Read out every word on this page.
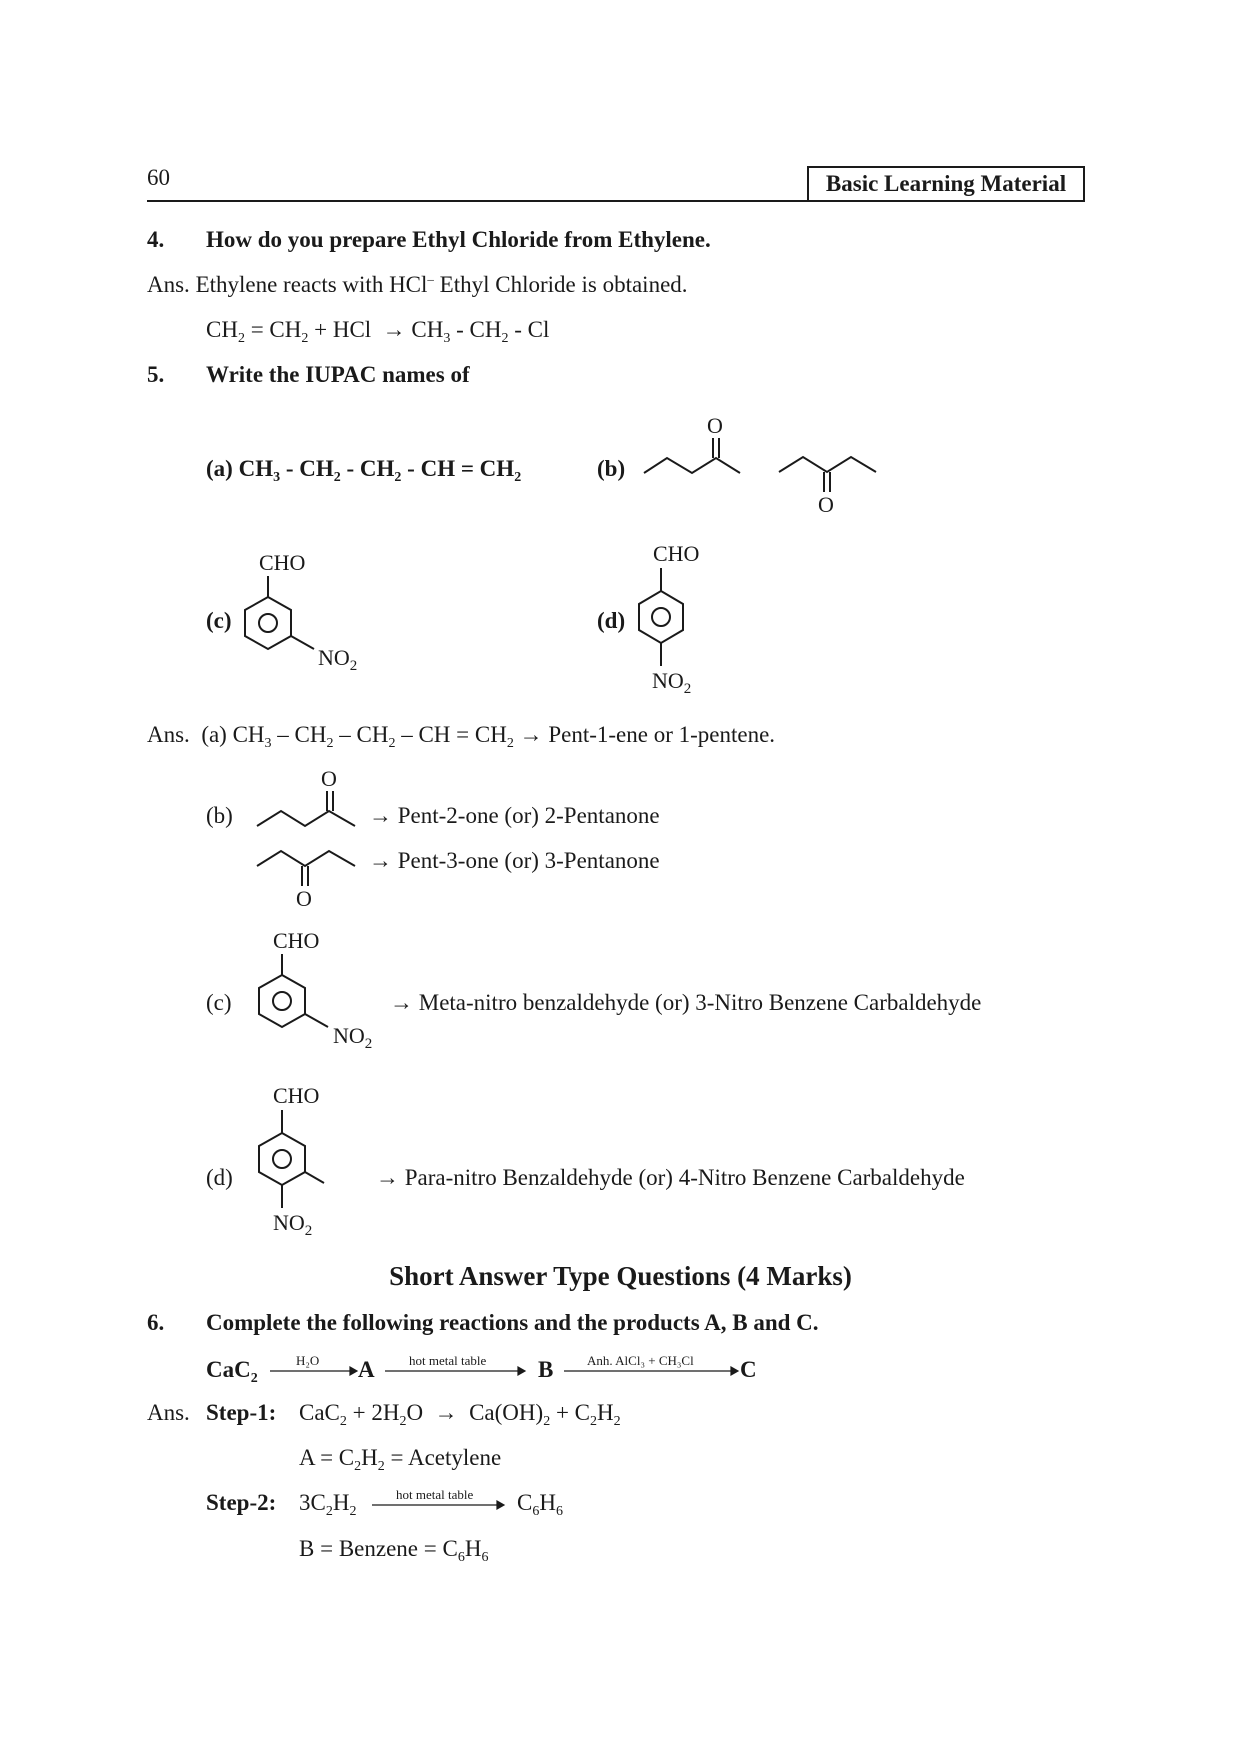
60	Basic Learning Material
4. How do you prepare Ethyl Chloride from Ethylene.
Ans. Ethylene reacts with HCl– Ethyl Chloride is obtained.
$CH_2 = CH_2$ + HCl  → $CH_3 - CH_2$ - Cl
5. Write the IUPAC names of
(a) $CH_3 - CH_2 - CH_2$ - CH = $CH_2$	(b)
(c)	(d)
O
O
CHO
$NO_2$
CHO
$NO_2$
Ans. (a) $CH_3 - CH_2 - CH_2$ – CH = $CH_2$ → Pent-1-ene or 1-pentene.
(b)	→ Pent-2-one (or) 2-Pentanone
→ Pent-3-one (or) 3-Pentanone
(c)	→ Meta-nitro benzaldehyde (or) 3-Nitro Benzene Carbaldehyde
(d)	→ Para-nitro Benzaldehyde (or) 4-Nitro Benzene Carbaldehyde
O
O
CHO
$NO_2$
CHO
$NO_2$
Short Answer Type Questions (4 Marks)
6. Complete the following reactions and the products A, B and C.
CaC$_2$	A	B	C
H₂O	hot metal table	Anh. AlCl₃ + CH₃Cl
Ans. Step-1: $CaC_2 + 2H_2O \to Ca(OH)_2 + C_2H_2$
$A = C_2H_2$ = Acetylene
Step-2: $3C_2H_2$	$C_6H_6$
hot metal table
B = Benzene = $C_6H_6$
